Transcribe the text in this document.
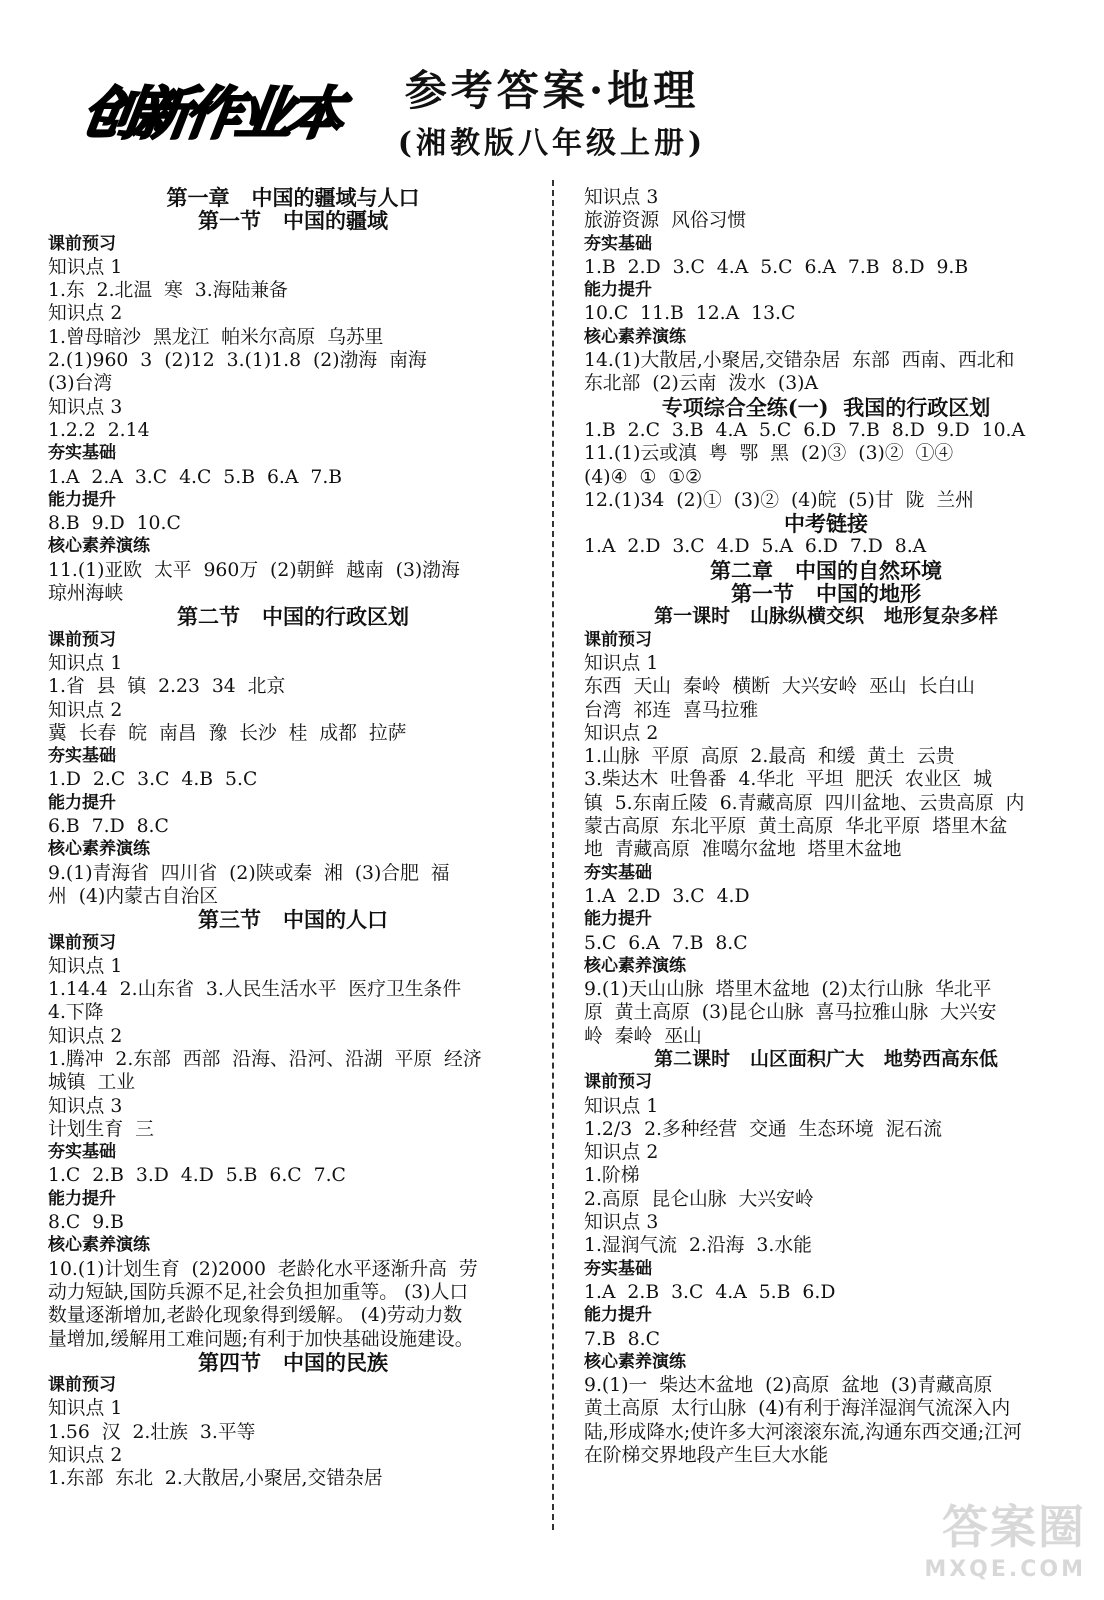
创新作业本	参考答案·地理
(湘教版八年级上册)
第一章   中国的疆域与人口
第一节   中国的疆域
课前预习
知识点 1
1.东  2.北温  寒  3.海陆兼备
知识点 2
1.曾母暗沙  黑龙江  帕米尔高原  乌苏里
2.(1)960  3  (2)12  3.(1)1.8  (2)渤海  南海
(3)台湾
知识点 3
1.2.2  2.14
夯实基础
1.A  2.A  3.C  4.C  5.B  6.A  7.B
能力提升
8.B  9.D  10.C
核心素养演练
11.(1)亚欧  太平  960万  (2)朝鲜  越南  (3)渤海
琼州海峡
第二节   中国的行政区划
课前预习
知识点 1
1.省  县  镇  2.23  34  北京
知识点 2
冀  长春  皖  南昌  豫  长沙  桂  成都  拉萨
夯实基础
1.D  2.C  3.C  4.B  5.C
能力提升
6.B  7.D  8.C
核心素养演练
9.(1)青海省  四川省  (2)陕或秦  湘  (3)合肥  福
州  (4)内蒙古自治区
第三节   中国的人口
课前预习
知识点 1
1.14.4  2.山东省  3.人民生活水平  医疗卫生条件
4.下降
知识点 2
1.腾冲  2.东部  西部  沿海、沿河、沿湖  平原  经济
城镇  工业
知识点 3
计划生育  三
夯实基础
1.C  2.B  3.D  4.D  5.B  6.C  7.C
能力提升
8.C  9.B
核心素养演练
10.(1)计划生育  (2)2000  老龄化水平逐渐升高  劳
动力短缺,国防兵源不足,社会负担加重等。 (3)人口
数量逐渐增加,老龄化现象得到缓解。 (4)劳动力数
量增加,缓解用工难问题;有利于加快基础设施建设。
第四节   中国的民族
课前预习
知识点 1
1.56  汉  2.壮族  3.平等
知识点 2
1.东部  东北  2.大散居,小聚居,交错杂居
知识点 3
旅游资源  风俗习惯
夯实基础
1.B  2.D  3.C  4.A  5.C  6.A  7.B  8.D  9.B
能力提升
10.C  11.B  12.A  13.C
核心素养演练
14.(1)大散居,小聚居,交错杂居  东部  西南、西北和
东北部  (2)云南  泼水  (3)A
专项综合全练(一)  我国的行政区划
1.B  2.C  3.B  4.A  5.C  6.D  7.B  8.D  9.D  10.A
11.(1)云或滇  粤  鄂  黑  (2)③  (3)②  ①④
(4)④  ①  ①②
12.(1)34  (2)①  (3)②  (4)皖  (5)甘  陇  兰州
中考链接
1.A  2.D  3.C  4.D  5.A  6.D  7.D  8.A
第二章   中国的自然环境
第一节   中国的地形
第一课时   山脉纵横交织   地形复杂多样
课前预习
知识点 1
东西  天山  秦岭  横断  大兴安岭  巫山  长白山
台湾  祁连  喜马拉雅
知识点 2
1.山脉  平原  高原  2.最高  和缓  黄土  云贵
3.柴达木  吐鲁番  4.华北  平坦  肥沃  农业区  城
镇  5.东南丘陵  6.青藏高原  四川盆地、云贵高原  内
蒙古高原  东北平原  黄土高原  华北平原  塔里木盆
地  青藏高原  准噶尔盆地  塔里木盆地
夯实基础
1.A  2.D  3.C  4.D
能力提升
5.C  6.A  7.B  8.C
核心素养演练
9.(1)天山山脉  塔里木盆地  (2)太行山脉  华北平
原  黄土高原  (3)昆仑山脉  喜马拉雅山脉  大兴安
岭  秦岭  巫山
第二课时   山区面积广大   地势西高东低
课前预习
知识点 1
1.2/3  2.多种经营  交通  生态环境  泥石流
知识点 2
1.阶梯
2.高原  昆仑山脉  大兴安岭
知识点 3
1.湿润气流  2.沿海  3.水能
夯实基础
1.A  2.B  3.C  4.A  5.B  6.D
能力提升
7.B  8.C
核心素养演练
9.(1)一  柴达木盆地  (2)高原  盆地  (3)青藏高原
黄土高原  太行山脉  (4)有利于海洋湿润气流深入内
陆,形成降水;使许多大河滚滚东流,沟通东西交通;江河
在阶梯交界地段产生巨大水能
答案圈
MXQE.COM
